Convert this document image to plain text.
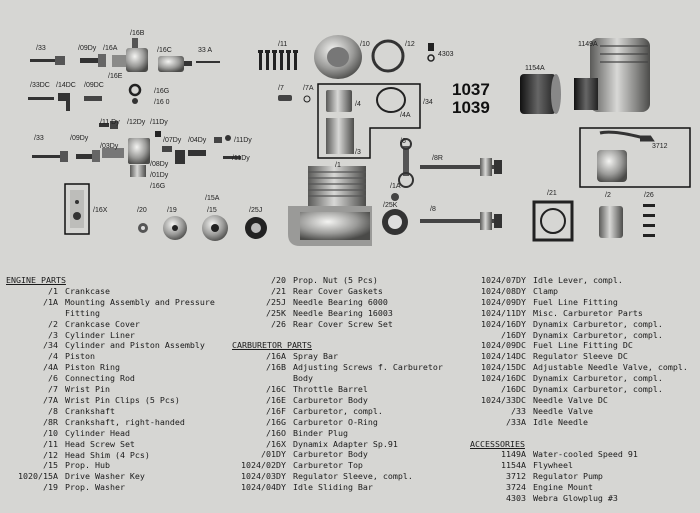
1037
1039
/33	/09Dy /16A
/16B
/16C	33 A
/16E
/16G
/16 0
/33DC /14DC /09DC
/11 Dy /12Dy /11Dy
/03Dy
/33	/09Dy	/07Dy /04Dy	/11Dy
/11Dy
/08Dy
/01Dy
/16G
/11	/10	/12
4303
/7	/7A
/4
/4A
/34
/3
/6
/1
/8R
/1A
/25K
/8
/21	/2	/26
/16X	/20	/19
/15A
/15	/25J
1154A
1149A
3712
ENGINE PARTS
/1 Crankcase
/1A Mounting Assembly and Pressure
Fitting
/2 Crankcase Cover
/3 Cylinder Liner
/34 Cylinder and Piston Assembly
/4 Piston
/4A Piston Ring
/6 Connecting Rod
/7 Wrist Pin
/7A Wrist Pin Clips (5 Pcs)
/8 Crankshaft
/8R Crankshaft, right-handed
/10 Cylinder Head
/11 Head Screw Set
/12 Head Shim (4 Pcs)
/15 Prop. Hub
1020/15A Drive Washer Key
/19 Prop. Washer
/20 Prop. Nut (5 Pcs)
/21 Rear Cover Gaskets
/25J Needle Bearing 6000
/25K Needle Bearing 16003
/26 Rear Cover Screw Set
CARBURETOR PARTS
/16A Spray Bar
/16B Adjusting Screws f. Carburetor
Body
/16C Throttle Barrel
/16E Carburetor Body
/16F Carburetor, compl.
/16G Carburetor O-Ring
/16O Binder Plug
/16X Dynamix Adapter Sp.91
/01DY Carburetor Body
1024/02DY Carburetor Top
1024/03DY Regulator Sleeve, compl.
1024/04DY Idle Sliding Bar
1024/07DY Idle Lever, compl.
1024/08DY Clamp
1024/09DY Fuel Line Fitting
1024/11DY Misc. Carburetor Parts
1024/16DY Dynamix Carburetor, compl.
/16DY Dynamix Carburetor, compl.
1024/09DC Fuel Line Fitting DC
1024/14DC Regulator Sleeve DC
1024/15DC Adjustable Needle Valve, compl.
1024/16DC Dynamix Carburetor, compl.
/16DC Dynamix Carburetor, compl.
1024/33DC Needle Valve DC
/33 Needle Valve
/33A Idle Needle
ACCESSORIES
1149A Water-cooled Speed 91
1154A Flywheel
3712 Regulator Pump
3724 Engine Mount
4303 Webra Glowplug #3
